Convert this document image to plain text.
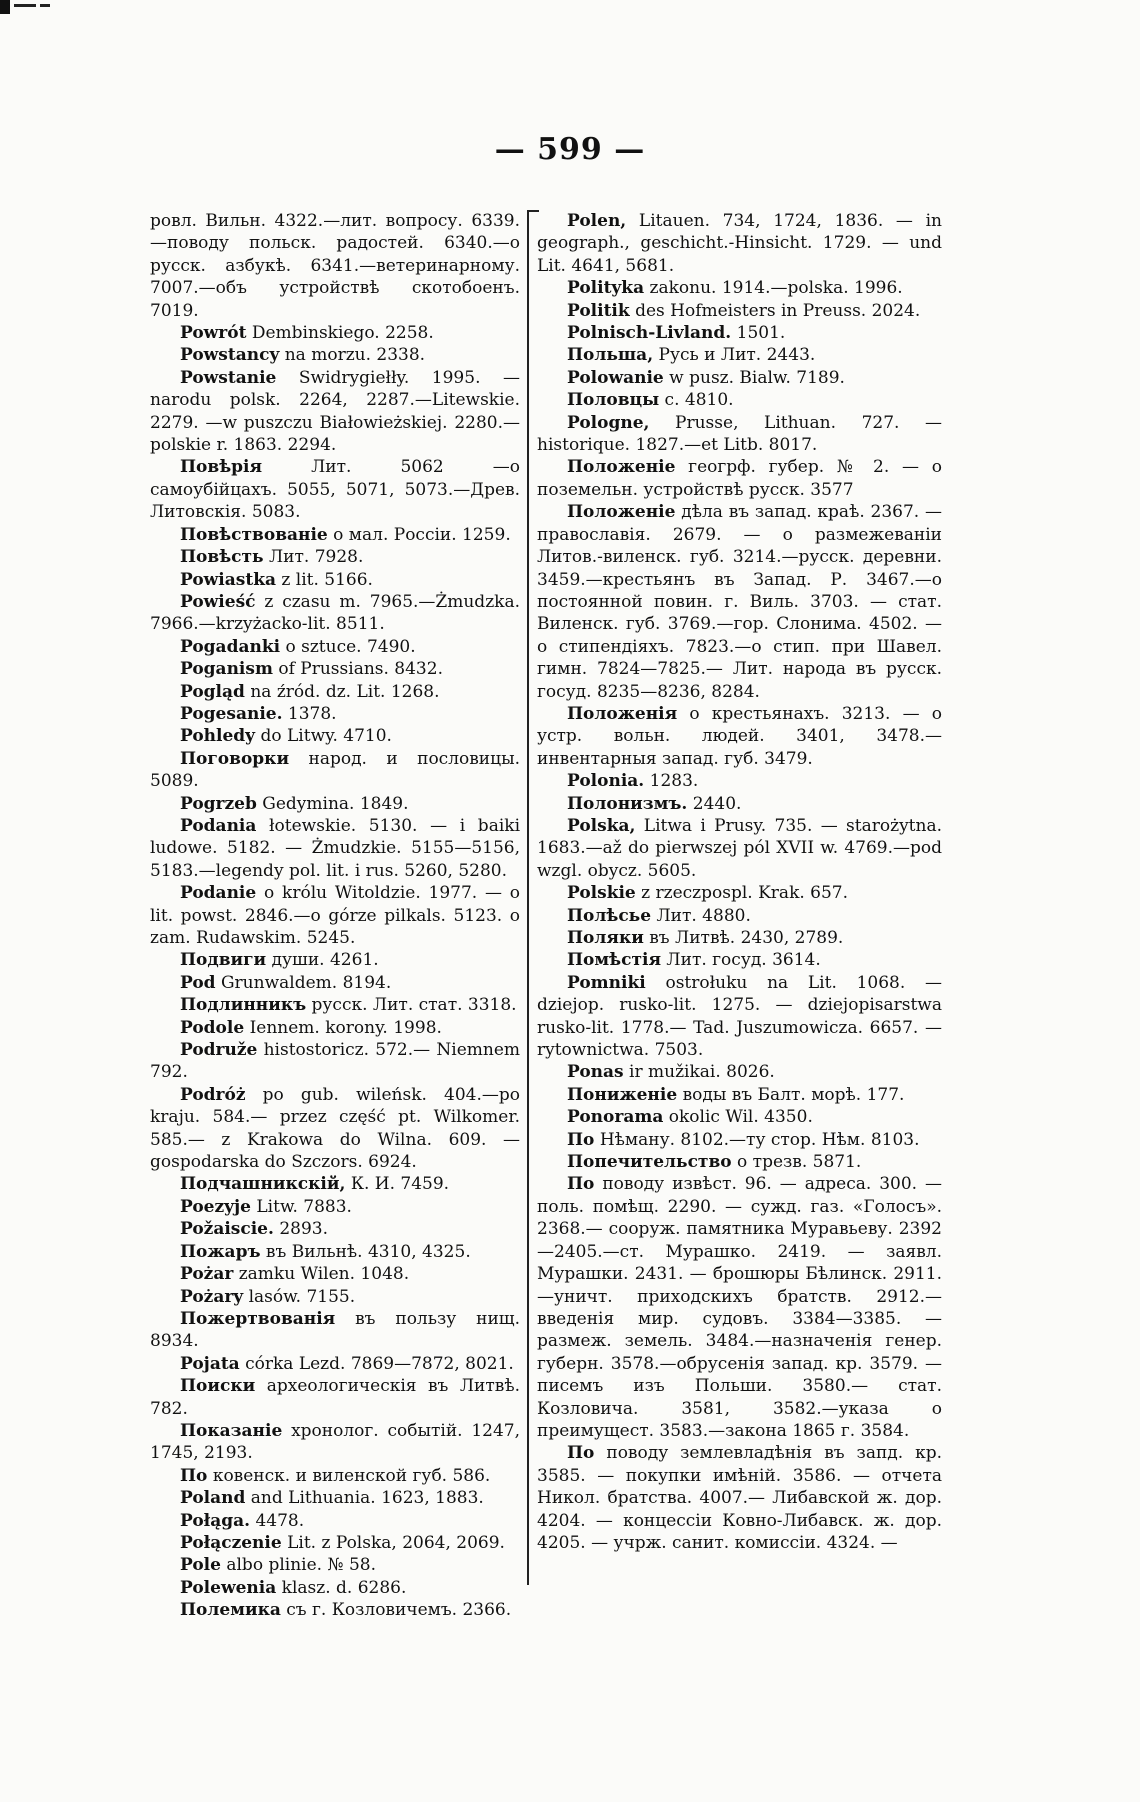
— 599 —

ровл. Вильн. 4322.—лит. вопросу. 6339. —поводу польск. радостей. 6340.—о русск. азбукѣ. 6341.—ветеринарному. 7007.—объ устройствѣ скотобоенъ. 7019.

Powrót Dembinskiego. 2258.

Powstancy na morzu. 2338.

Powstanie Swidrygiełły. 1995. — narodu polsk. 2264, 2287.—Litewskie. 2279. —w puszczu Białowieżskiej. 2280.—polskie r. 1863. 2294.

Повѣрія	Лит. 5062 —о самоубійцахъ. 5055, 5071, 5073.—Древ. Литовскія. 5083.

Повѣствованіе о мал. Россіи. 1259.

Повѣсть Лит. 7928.

Powiastka z lit. 5166.

Powieść z czasu m. 7965.—Żmudzka. 7966.—krzyżacko-lit. 8511.

Pogadanki o sztuce. 7490.

Poganism of Prussians. 8432.

Pogląd na źród. dz. Lit. 1268.

Pogesanie. 1378.

Pohledy do Litwy. 4710.

Поговорки народ. и пословицы. 5089.

Pogrzeb Gedymina. 1849.

Podania łotewskie. 5130. — i baiki ludowe. 5182. — Żmudzkie. 5155—5156, 5183.—legendy pol. lit. i rus. 5260, 5280.

Podanie o królu Witoldzie. 1977. — o lit. powst. 2846.—o górze pilkals. 5123. o zam. Rudawskim. 5245.

Подвиги души. 4261.

Pod Grunwaldem. 8194.

Подлинникъ русск. Лит. стат. 3318.

Podole Iennem. korony. 1998.

Podruže histostoricz. 572.— Niemnem 792.

Podróż po gub. wileńsk. 404.—po kraju. 584.— przez część pt. Wilkomer. 585.— z Krakowa do Wilna. 609. — gospodarska do Szczors. 6924.

Подчашникскій, К. И. 7459.

Poezyje Litw. 7883.

Požaiscie. 2893.

Пожаръ въ Вильнѣ. 4310, 4325.

Pożar zamku Wilen. 1048.

Pożary lasów. 7155.

Пожертвованія въ пользу нищ. 8934.

Pojata córka Lezd. 7869—7872, 8021.

Поиски археологическія въ Литвѣ. 782.

Показаніе хронолог. событій. 1247, 1745, 2193.

По ковенск. и виленской губ. 586.

Poland and Lithuania. 1623, 1883.

Połąga. 4478.

Połączenie Lit. z Polska, 2064, 2069.

Pole albo plinie. № 58.

Polewenia klasz. d. 6286.

Полемика съ г. Козловичемъ. 2366.

Polen, Litauen. 734, 1724, 1836. — in geograph., geschicht.-Hinsicht. 1729. — und Lit. 4641, 5681.

Polityka zakonu. 1914.—polska. 1996.

Politik des Hofmeisters in Preuss. 2024.

Polnisch-Livland. 1501.

Польша, Русь и Лит. 2443.

Polowanie w pusz. Bialw. 7189.

Половцы с. 4810.

Pologne, Prusse, Lithuan. 727. — historique. 1827.—et Litb. 8017.

Положеніе геогрф. губер. № 2. — о поземельн. устройствѣ русск. 3577

Положеніе дѣла въ запад. краѣ. 2367. — православія. 2679. — о размежеваніи Литов.-виленск. губ. 3214.—русск. деревни. 3459.—крестьянъ въ Запад. Р. 3467.—о постоянной повин. г. Виль. 3703. — стат. Виленск. губ. 3769.—гор. Слонима. 4502. —о стипендіяхъ. 7823.—о стип. при Шавел. гимн. 7824—7825.— Лит. народа въ русск. госуд. 8235—8236, 8284.

Положенія о крестьянахъ. 3213. — о устр. вольн. людей. 3401, 3478.—инвентарныя запад. губ. 3479.

Polonia. 1283.

Полонизмъ. 2440.

Polska, Litwa i Prusy. 735. — starożytna. 1683.—až do pierwszej pól XVII w. 4769.—pod wzgl. obycz. 5605.

Polskie z rzeczpospl. Krak. 657.

Полѣсье Лит. 4880.

Поляки въ Литвѣ. 2430, 2789.

Помѣстія Лит. госуд. 3614.

Pomniki ostrołuku na Lit. 1068. — dziejop. rusko-lit. 1275. — dziejopisarstwa rusko-lit. 1778.— Tad. Juszumowicza. 6657. —rytownictwa. 7503.

Ponas ir mužikai. 8026.

Пониженіе воды въ Балт. морѣ. 177.

Ponorama okolic Wil. 4350.

По Нѣману. 8102.—ту стор. Нѣм. 8103.

Попечительство о трезв. 5871.

По поводу извѣст. 96. — адреса. 300. — поль. помѣщ. 2290. — сужд. газ. «Голосъ». 2368.— сооруж. памятника Муравьеву. 2392—2405.—ст. Мурашко. 2419. — заявл. Мурашки. 2431. — брошюры Бѣлинск. 2911.—уничт. приходскихъ братств. 2912.—введенія мир. судовъ. 3384—3385. —размеж. земель. 3484.—назначенія генер. губерн. 3578.—обрусенія запад. кр. 3579. —писемъ изъ Польши. 3580.— стат. Козловича. 3581, 3582.—указа о преимущест. 3583.—закона 1865 г. 3584.

По поводу землевладѣнія въ запд. кр. 3585. — покупки имѣній. 3586. — отчета Никол. братства. 4007.— Либавской ж. дор. 4204. — концессіи Ковно-Либавск. ж. дор. 4205. — учрж. санит. комиссіи. 4324. —
